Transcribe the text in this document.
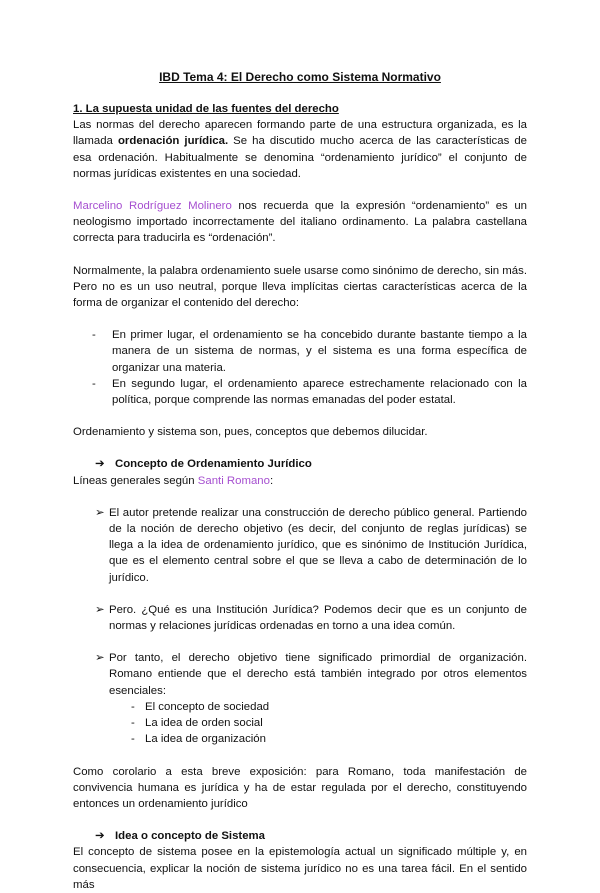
IBD Tema 4: El Derecho como Sistema Normativo

1. La supuesta unidad de las fuentes del derecho

Las normas del derecho aparecen formando parte de una estructura organizada, es la llamada ordenación jurídica. Se ha discutido mucho acerca de las características de esa ordenación. Habitualmente se denomina “ordenamiento jurídico” el conjunto de normas jurídicas existentes en una sociedad.

Marcelino Rodríguez Molinero nos recuerda que la expresión “ordenamiento” es un neologismo importado incorrectamente del italiano ordinamento. La palabra castellana correcta para traducirla es “ordenación”.

Normalmente, la palabra ordenamiento suele usarse como sinónimo de derecho, sin más. Pero no es un uso neutral, porque lleva implícitas ciertas características acerca de la forma de organizar el contenido del derecho:

- En primer lugar, el ordenamiento se ha concebido durante bastante tiempo a la manera de un sistema de normas, y el sistema es una forma específica de organizar una materia.
- En segundo lugar, el ordenamiento aparece estrechamente relacionado con la política, porque comprende las normas emanadas del poder estatal.

Ordenamiento y sistema son, pues, conceptos que debemos dilucidar.

➔ Concepto de Ordenamiento Jurídico

Líneas generales según Santi Romano:

➢ El autor pretende realizar una construcción de derecho público general. Partiendo de la noción de derecho objetivo (es decir, del conjunto de reglas jurídicas) se llega a la idea de ordenamiento jurídico, que es sinónimo de Institución Jurídica, que es el elemento central sobre el que se lleva a cabo de determinación de lo jurídico.
➢ Pero. ¿Qué es una Institución Jurídica? Podemos decir que es un conjunto de normas y relaciones jurídicas ordenadas en torno a una idea común.
➢ Por tanto, el derecho objetivo tiene significado primordial de organización. Romano entiende que el derecho está también integrado por otros elementos esenciales:
- El concepto de sociedad
- La idea de orden social
- La idea de organización

Como corolario a esta breve exposición: para Romano, toda manifestación de convivencia humana es jurídica y ha de estar regulada por el derecho, constituyendo entonces un ordenamiento jurídico

➔ Idea o concepto de Sistema

El concepto de sistema posee en la epistemología actual un significado múltiple y, en consecuencia, explicar la noción de sistema jurídico no es una tarea fácil. En el sentido más
